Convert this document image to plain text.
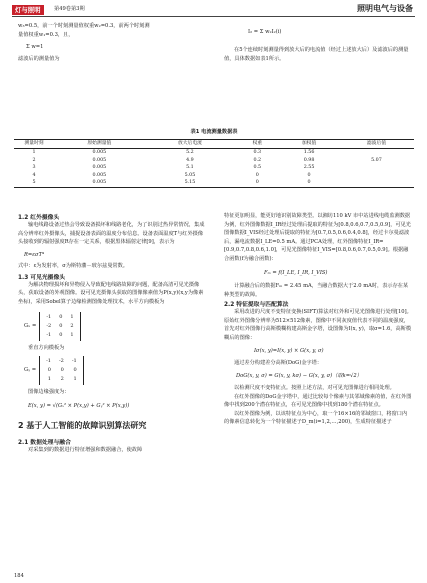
灯与照明	第49卷第3期	照明电气与设备
w₃=0.5，前一个时刻测量值权重w₂=0.3，前两个时刻测
量值权重w₁=0.3，且，
Σ w=1
滤波后的测量值为
I₂ = Σ w₂I₂(i)
在5个连续时刻测量得到放大后的电流值（经过上述放大后）及滤波后的测量值，具体数据如表1所示。
表1 电流测量数据表
测量时刻	原始测量值	放大后电流	权重	加权值	滤波后值
1	0.005	5.2	0.3	1.56	
2	0.005	4.9	0.2	0.98	5.07
3	0.005	5.1	0.5	2.55	
4	0.005	5.05	0	0	
5	0.005	5.15	0	0	
1.2 红外摄像头
输电线路设备过热会导致设备损坏和线路老化，为了识别过热异常情况，集成高分辨率红外摄像头，捕捉设备表面的温度分布信息。设备表面温度T与红外摄像头接收到的辐射强度R存在一定关系，根据黑体辐射定律[9]，表示为
R=εσT⁴
式中：ε为发射率，σ为斯特藩－玻尔兹曼常数。
1.3 可见光摄像头
为解决物理损坏和异物侵入导致配电线路故障的问题，配备高清可见光摄像头，获取设备的外观图像。设可见光摄像头获取的图像像素值为P(x,y)(x,y为像素坐标)，采用Sobel算子边缘检测图像处理技术，水平方向模板为
Gₓ =
-1	0	1
-2	0	2
-1	0	1
垂直方向模板为
Gᵧ =
-1	-2	-1
0	0	0
1	2	1
图像边缘强度为：
E(x, y) = √(Gₓ² × P(x,y) + Gᵧ² × P(x,y))
2 基于人工智能的故障识别算法研究
2.1 数据处理与融合
对采集到的数据进行特征增强和数据融合，使故障
特征更加明显，能更好地识别故障类型。以湘坊110 kV 市中站进线电缆监测数据为例，红外图像数据I_IR经过处理后提取的特征为[0.8,0.6,0.7,0.5,0.9]，可见光图像数据I_VIS经过处理后提取的特征为[0.7,0.5,0.6,0.4,0.8]，经过卡尔曼滤波后，漏电流数据I_LE=0.5 mA。通过PCA处理，红外图像特征I_IR=[0.9,0.7,0.8,0.6,1.0]，可见光图像特征I_VIS=[0.8,0.6,0.7,0.5,0.9]。根据融合函数(f为融合函数)：
Fₘ = f(I_LE, I_IR, I_VIS)
计算融合后的数据Fₘ = 2.45 mA，当融合数据大于2.0 mA时，表示存在某种类型的故障。
2.2 特征提取与匹配算法
采用改进的尺度不变特征变换(SIFT)算法对红外和可见光图像进行处理[10]。原始红外图像分辨率为512×512像素，图像中不同灰度值代表不同的温度强度，首先对红外图像行高斯模糊构建高斯金字塔，设图像为I(x, y)，取σ=1.6，高斯模糊后的图像：
Iσ(x, y)=I(x, y) × G(x, y, σ)
通过差分构建差分高斯(DoG)金字塔：
DoG(x, y, σ) = G(x, y, kσ) − G(x, y, σ)（取k=√2）
以检测尺度不变特征点。按照上述方法，对可见光图像进行相同处理。
在红外图像的DoG金字塔中，通过比较每个像素与其邻域像素的值，在红外图像中找到200个潜在特征点，在可见光图像中找到180个潜在特征点。
以红外图像为例，以该特征点为中心，取一个16×16的邻域窗口，将窗口内的像素信息转化为一个特征描述子D_m(i=1,2,…,200)，生成特征描述子
184
